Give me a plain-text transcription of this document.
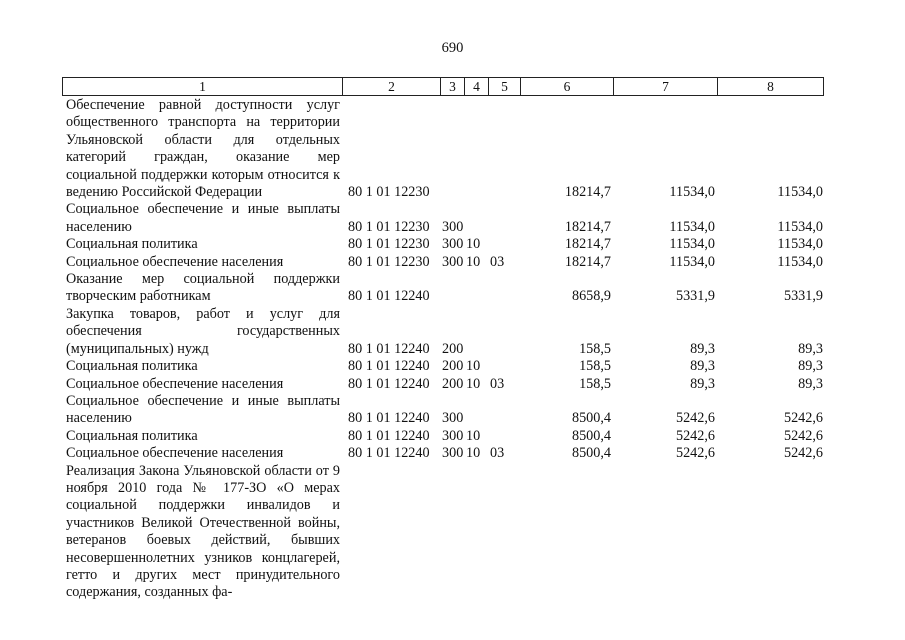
690
1	2	3	4	5	6	7	8
Обеспечение равной доступности услуг общественного транспорта на территории Ульяновской области для отдельных категорий граждан, оказание мер социальной поддержки которым относится к ведению Российской Федерации	80 1 01 12230				18214,7	11534,0	11534,0
Социальное обеспечение и иные выплаты населению	80 1 01 12230	300			18214,7	11534,0	11534,0
Социальная политика	80 1 01 12230	300	10		18214,7	11534,0	11534,0
Социальное обеспечение населения	80 1 01 12230	300	10	03	18214,7	11534,0	11534,0
Оказание мер социальной поддержки творческим работникам	80 1 01 12240				8658,9	5331,9	5331,9
Закупка товаров, работ и услуг для обеспечения государственных (муниципальных) нужд	80 1 01 12240	200			158,5	89,3	89,3
Социальная политика	80 1 01 12240	200	10		158,5	89,3	89,3
Социальное обеспечение населения	80 1 01 12240	200	10	03	158,5	89,3	89,3
Социальное обеспечение и иные выплаты населению	80 1 01 12240	300			8500,4	5242,6	5242,6
Социальная политика	80 1 01 12240	300	10		8500,4	5242,6	5242,6
Социальное обеспечение населения	80 1 01 12240	300	10	03	8500,4	5242,6	5242,6
Реализация Закона Ульяновской области от 9 ноября 2010 года № 177-ЗО «О мерах социальной поддержки инвалидов и участников Великой Отечественной войны, ветеранов боевых действий, бывших несовершеннолетних узников концлагерей, гетто и других мест принудительного содержания, созданных фа-							
